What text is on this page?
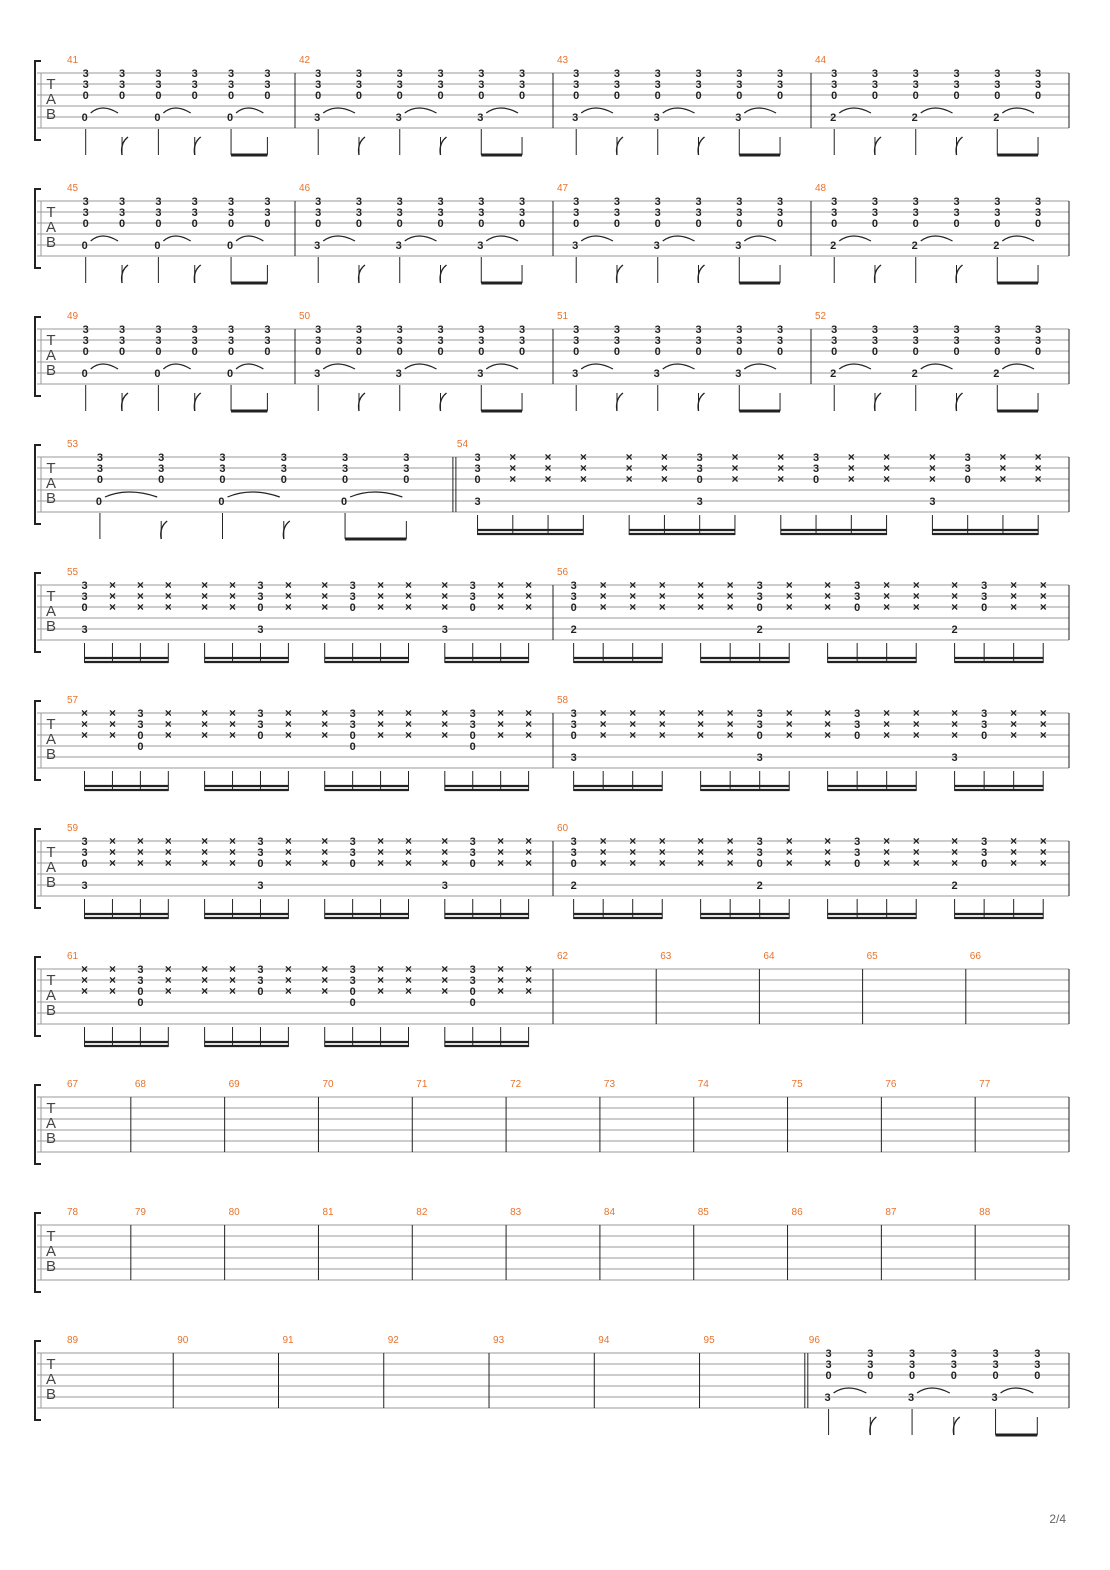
T
A
B
41
3
3
0
3
3
0
3
3
0
3
3
0
3
3
0
3
3
0
0	0	0
42
3
3
0
3
3
0
3
3
0
3
3
0
3
3
0
3
3
0
3	3	3
43
3
3
0
3
3
0
3
3
0
3
3
0
3
3
0
3
3
0
3	3	3
44
3
3
0
3
3
0
3
3
0
3
3
0
3
3
0
3
3
0
2	2	2
T
A
B
45
3
3
0
3
3
0
3
3
0
3
3
0
3
3
0
3
3
0
0	0	0
46
3
3
0
3
3
0
3
3
0
3
3
0
3
3
0
3
3
0
3	3	3
47
3
3
0
3
3
0
3
3
0
3
3
0
3
3
0
3
3
0
3	3	3
48
3
3
0
3
3
0
3
3
0
3
3
0
3
3
0
3
3
0
2	2	2
T
A
B
49
3
3
0
3
3
0
3
3
0
3
3
0
3
3
0
3
3
0
0	0	0
50
3
3
0
3
3
0
3
3
0
3
3
0
3
3
0
3
3
0
3	3	3
51
3
3
0
3
3
0
3
3
0
3
3
0
3
3
0
3
3
0
3	3	3
52
3
3
0
3
3
0
3
3
0
3
3
0
3
3
0
3
3
0
2	2	2
T
A
B
53
3
3
0
3
3
0
3
3
0
3
3
0
3
3
0
3
3
0
0	0	0
54
3
3
0
3
×
×
×
×
×
×
×
×
×
×
×
×
×
×
×
3
3
0
3
×
×
×
×
×
×
3
3
0
×
×
×
×
×
×
×
×
×
3
3
3
0
×
×
×
×
×
×
T
A
B
55
3
3
0
3
×
×
×
×
×
×
×
×
×
×
×
×
×
×
×
3
3
0
3
×
×
×
×
×
×
3
3
0
×
×
×
×
×
×
×
×
×
3
3
3
0
×
×
×
×
×
×
56
3
3
0
2
×
×
×
×
×
×
×
×
×
×
×
×
×
×
×
3
3
0
2
×
×
×
×
×
×
3
3
0
×
×
×
×
×
×
×
×
×
2
3
3
0
×
×
×
×
×
×
T
A
B
57
×
×
×
×
×
×
3
3
0
0
×
×
×
×
×
×
×
×
×
3
3
0
×
×
×
×
×
×
3
3
0
0
×
×
×
×
×
×
×
×
×
3
3
0
0
×
×
×
×
×
×
58
3
3
0
3
×
×
×
×
×
×
×
×
×
×
×
×
×
×
×
3
3
0
3
×
×
×
×
×
×
3
3
0
×
×
×
×
×
×
×
×
×
3
3
3
0
×
×
×
×
×
×
T
A
B
59
3
3
0
3
×
×
×
×
×
×
×
×
×
×
×
×
×
×
×
3
3
0
3
×
×
×
×
×
×
3
3
0
×
×
×
×
×
×
×
×
×
3
3
3
0
×
×
×
×
×
×
60
3
3
0
2
×
×
×
×
×
×
×
×
×
×
×
×
×
×
×
3
3
0
2
×
×
×
×
×
×
3
3
0
×
×
×
×
×
×
×
×
×
2
3
3
0
×
×
×
×
×
×
T
A
B
61
×
×
×
×
×
×
3
3
0
0
×
×
×
×
×
×
×
×
×
3
3
0
×
×
×
×
×
×
3
3
0
0
×
×
×
×
×
×
×
×
×
3
3
0
0
×
×
×
×
×
×
62	63	64	65	66
T
A
B
67	68	69	70	71	72	73	74	75	76	77
T
A
B
78	79	80	81	82	83	84	85	86	87	88
T
A
B
89	90	91	92	93	94	95	96
3
3
0
3
3
0
3
3
0
3
3
0
3
3
0
3
3
0
3	3	3
2/4
